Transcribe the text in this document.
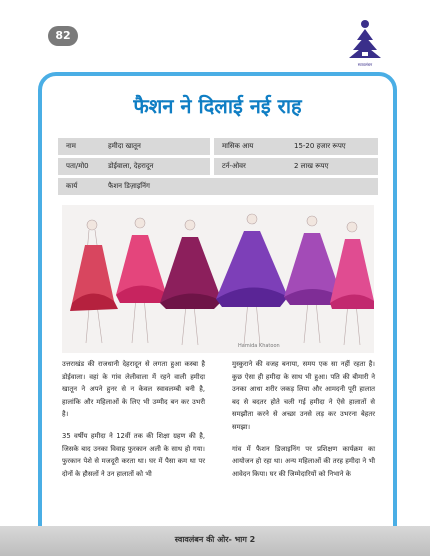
82
स्वावलंबन
फैशन ने दिलाई नई राह
नाम	हमीदा खातून	मासिक आय	15-20 हजार रूपए
पता/मो0	डोईवाला, देहरादून	टर्न-ओवर	2 लाख रूपए
कार्य	फैशन डिज़ाइनिंग
Hamida Khatoon

उत्तराखंड की राजधानी देहरादून से लगता हुआ कस्बा है डोईवाला। वहां के गांव लेलीवाला में रहने वाली हमीदा खातून ने अपने हुनर से न केवल स्वावलम्बी बनी है, हालांकि और महिलाओं के लिए भी उम्मीद बन कर उभरी है।

35 वर्षीय हमीदा ने 12वीं तक की शिक्षा ग्रहण की है, जिसके बाद उनका विवाह फुरकान अली के साथ हो गया। फुरकान पेशे से मजदूरी करता था। घर में पैसा कम था पर दोनों के हौसलों ने उन हालातों को भी

मुस्कुराने की वजह बनाया, समय एक सा नहीं रहता है। कुछ ऐसा ही हमीदा के साथ भी हुआ। पति की बीमारी ने उनका आधा शरीर जकड़ लिया और आमदनी पूरी हालात बद से बदतर होते चली गई हमीदा ने ऐसे हालातों से समझौता करने से अच्छा उनसे लड़ कर उभरना बेहतर समझा।

गांव में फैशन डिजाइनिंग पर प्रशिक्षण कार्यक्रम का आयोजन हो रहा था। अन्य महिलाओं की तरह हमीदा ने भी आवेदन किया। घर की जिम्मेदारियों को निभाने के

स्वावलंबन की ओर- भाग 2
